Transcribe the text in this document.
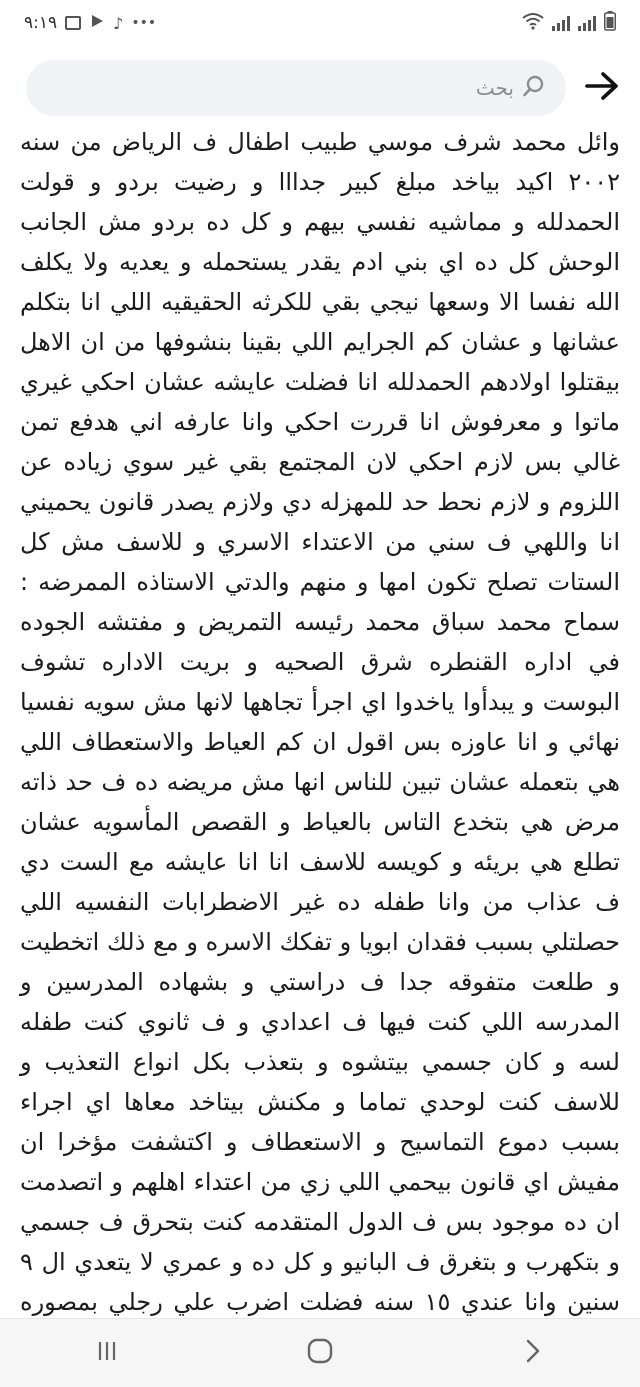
٩:١٩	♪ •••
بحث

وائل محمد شرف موسي طبيب اطفال ف الرياض من سنه ٢٠٠٢ اكيد بياخد مبلغ كبير جدااا و رضيت بردو و قولت الحمدلله و مماشيه نفسي بيهم و كل ده بردو مش الجانب الوحش كل ده اي بني ادم يقدر يستحمله و يعديه ولا يكلف الله نفسا الا وسعها نيجي بقي للكرثه الحقيقيه اللي انا بتكلم عشانها و عشان كم الجرايم اللي بقينا بنشوفها من ان الاهل بيقتلوا اولادهم الحمدلله انا فضلت عايشه عشان احكي غيري ماتوا و معرفوش انا قررت احكي وانا عارفه اني هدفع تمن غالي بس لازم احكي لان المجتمع بقي غير سوي زياده عن اللزوم و لازم نحط حد للمهزله دي ولازم يصدر قانون يحميني انا واللهي ف سني من الاعتداء الاسري و للاسف مش كل الستات تصلح تكون امها و منهم والدتي الاستاذه الممرضه : سماح محمد سباق محمد رئيسه التمريض و مفتشه الجوده في اداره القنطره شرق الصحيه و بريت الاداره تشوف البوست و يبدأوا ياخدوا اي اجرأ تجاهها لانها مش سويه نفسيا نهائي و انا عاوزه بس اقول ان كم العياط والاستعطاف اللي هي بتعمله عشان تبين للناس انها مش مريضه ده ف حد ذاته مرض هي بتخدع التاس بالعياط و القصص المأسويه عشان تطلع هي بريئه و كويسه للاسف انا انا عايشه مع الست دي ف عذاب من وانا طفله ده غير الاضطرابات النفسيه اللي حصلتلي بسبب فقدان ابويا و تفكك الاسره و مع ذلك اتخطيت و طلعت متفوقه جدا ف دراستي و بشهاده المدرسين و المدرسه اللي كنت فيها ف اعدادي و ف ثانوي كنت طفله لسه و كان جسمي بيتشوه و بتعذب بكل انواع التعذيب و للاسف كنت لوحدي تماما و مكنش بيتاخد معاها اي اجراء بسبب دموع التماسيح و الاستعطاف و اكتشفت مؤخرا ان مفيش اي قانون بيحمي اللي زي من اعتداء اهلهم و اتصدمت ان ده موجود بس ف الدول المتقدمه كنت بتحرق ف جسمي و بتكهرب و بتغرق ف البانيو و كل ده و عمري لا يتعدي ال ٩ سنين وانا عندي ١٥ سنه فضلت اضرب علي رجلي بمصوره
